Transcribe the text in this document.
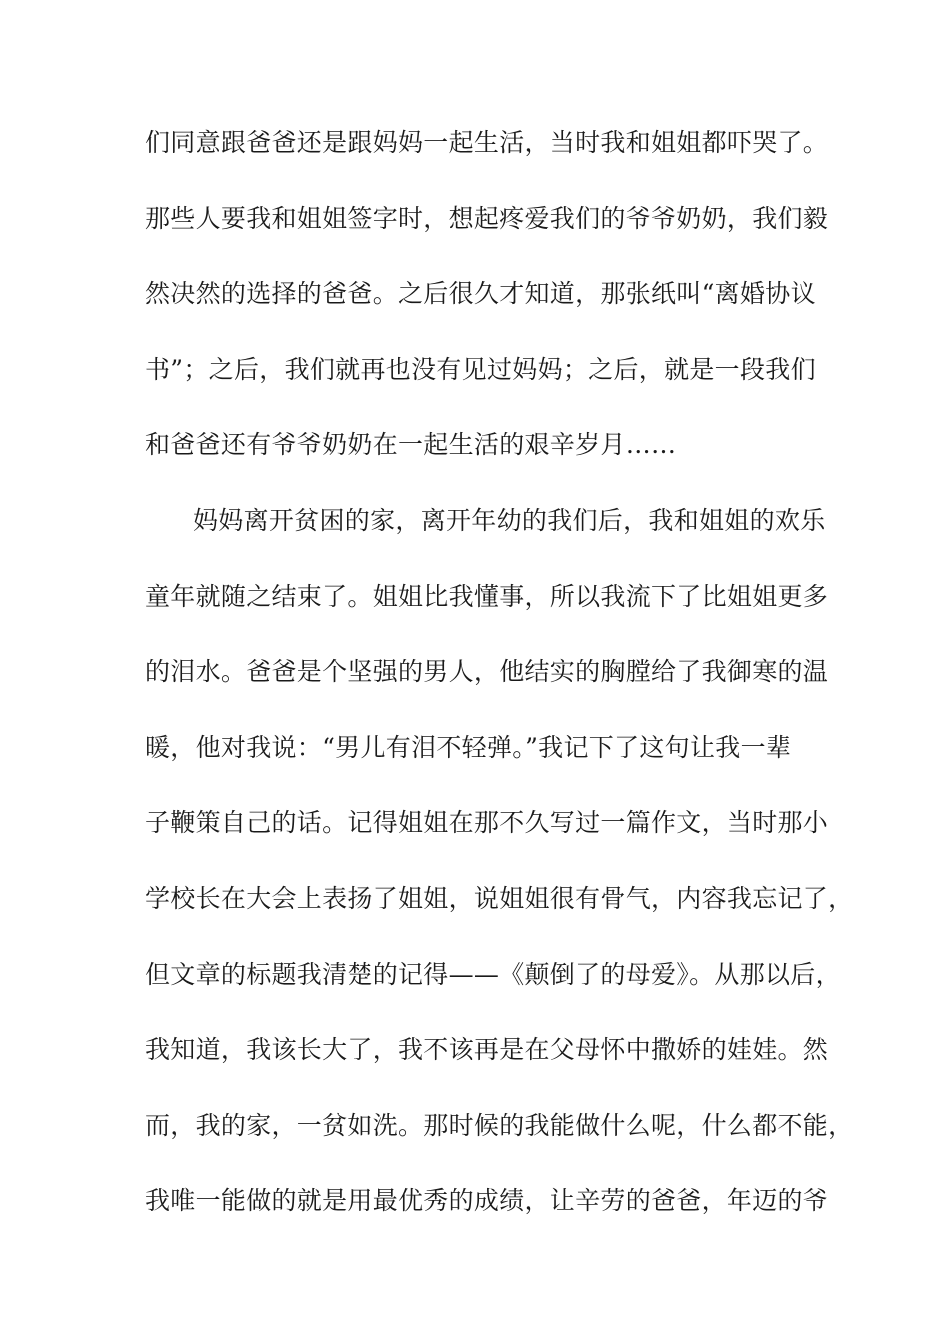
们同意跟爸爸还是跟妈妈一起生活，当时我和姐姐都吓哭了。
那些人要我和姐姐签字时，想起疼爱我们的爷爷奶奶，我们毅
然决然的选择的爸爸。之后很久才知道，那张纸叫“离婚协议
书”；之后，我们就再也没有见过妈妈；之后，就是一段我们
和爸爸还有爷爷奶奶在一起生活的艰辛岁月……
妈妈离开贫困的家，离开年幼的我们后，我和姐姐的欢乐
童年就随之结束了。姐姐比我懂事，所以我流下了比姐姐更多
的泪水。爸爸是个坚强的男人，他结实的胸膛给了我御寒的温
暖，他对我说：“男儿有泪不轻弹。”我记下了这句让我一辈
子鞭策自己的话。记得姐姐在那不久写过一篇作文，当时那小
学校长在大会上表扬了姐姐，说姐姐很有骨气，内容我忘记了，
但文章的标题我清楚的记得——《颠倒了的母爱》。从那以后，
我知道，我该长大了，我不该再是在父母怀中撒娇的娃娃。然
而，我的家，一贫如洗。那时候的我能做什么呢，什么都不能，
我唯一能做的就是用最优秀的成绩，让辛劳的爸爸，年迈的爷
